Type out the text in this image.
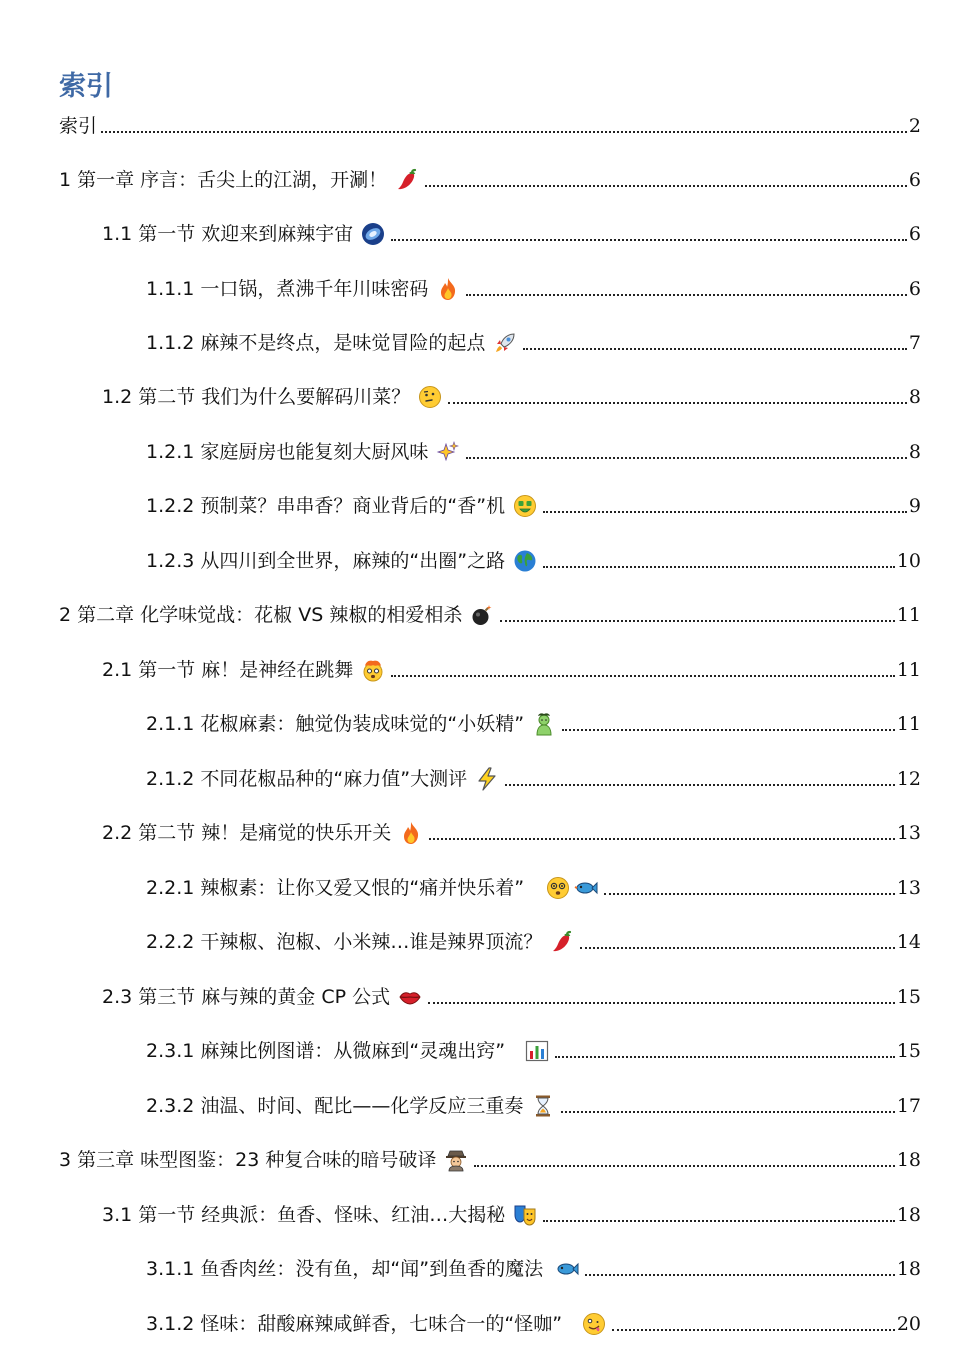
索引
索引	2
1 第一章 序言：舌尖上的江湖，开涮！	6
1.1 第一节 欢迎来到麻辣宇宙	6
1.1.1 一口锅，煮沸千年川味密码	6
1.1.2 麻辣不是终点，是味觉冒险的起点	7
1.2 第二节 我们为什么要解码川菜？	8
1.2.1 家庭厨房也能复刻大厨风味	8
1.2.2 预制菜？串串香？商业背后的“香”机	9
1.2.3 从四川到全世界，麻辣的“出圈”之路	10
2 第二章 化学味觉战：花椒 VS 辣椒的相爱相杀	11
2.1 第一节 麻！是神经在跳舞	11
2.1.1 花椒麻素：触觉伪装成味觉的“小妖精”	11
2.1.2 不同花椒品种的“麻力值”大测评	12
2.2 第二节 辣！是痛觉的快乐开关	13
2.2.1 辣椒素：让你又爱又恨的“痛并快乐着”	13
2.2.2 干辣椒、泡椒、小米辣…谁是辣界顶流？	14
2.3 第三节 麻与辣的黄金 CP 公式	15
2.3.1 麻辣比例图谱：从微麻到“灵魂出窍”	15
2.3.2 油温、时间、配比——化学反应三重奏	17
3 第三章 味型图鉴：23 种复合味的暗号破译	18
3.1 第一节 经典派：鱼香、怪味、红油…大揭秘	18
3.1.1 鱼香肉丝：没有鱼，却“闻”到鱼香的魔法	18
3.1.2 怪味：甜酸麻辣咸鲜香，七味合一的“怪咖”	20
